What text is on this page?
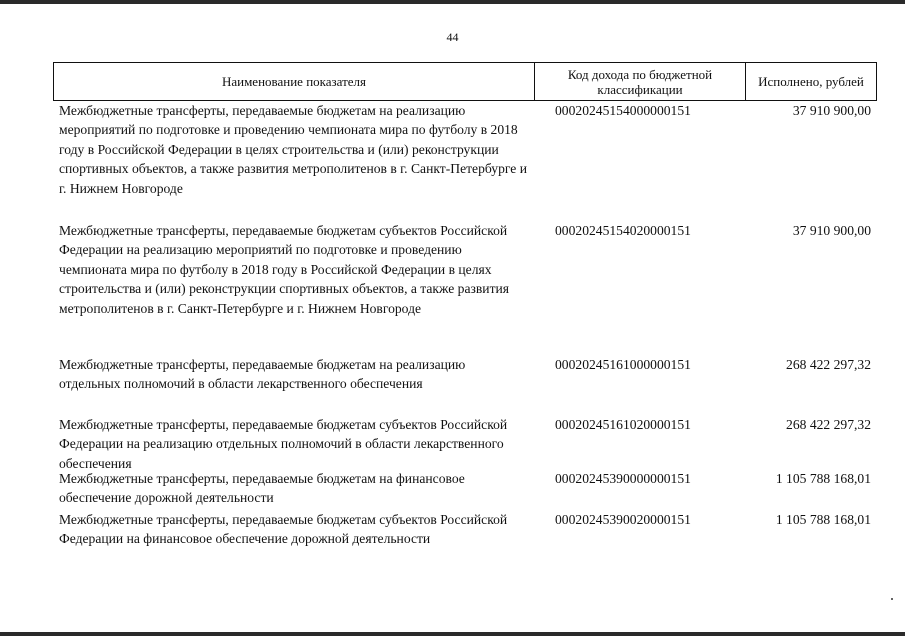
44
Наименование показателя	Код дохода по бюджетной классификации	Исполнено, рублей
Межбюджетные трансферты, передаваемые бюджетам на реализацию мероприятий по подготовке и проведению чемпионата мира по футболу в 2018 году в Российской Федерации в целях строительства и (или) реконструкции спортивных объектов, а также развития метрополитенов в г. Санкт-Петербурге и г. Нижнем Новгороде
00020245154000000151	37 910 900,00
Межбюджетные трансферты, передаваемые бюджетам субъектов Российской Федерации на реализацию мероприятий по подготовке и проведению чемпионата мира по футболу в 2018 году в Российской Федерации в целях строительства и (или) реконструкции спортивных объектов, а также развития метрополитенов в г. Санкт-Петербурге и г. Нижнем Новгороде
00020245154020000151	37 910 900,00
Межбюджетные трансферты, передаваемые бюджетам на реализацию отдельных полномочий в области лекарственного обеспечения
00020245161000000151	268 422 297,32
Межбюджетные трансферты, передаваемые бюджетам субъектов Российской Федерации на реализацию отдельных полномочий в области лекарственного обеспечения
00020245161020000151	268 422 297,32
Межбюджетные трансферты, передаваемые бюджетам на финансовое обеспечение дорожной деятельности
00020245390000000151	1 105 788 168,01
Межбюджетные трансферты, передаваемые бюджетам субъектов Российской Федерации на финансовое обеспечение дорожной деятельности
00020245390020000151	1 105 788 168,01
